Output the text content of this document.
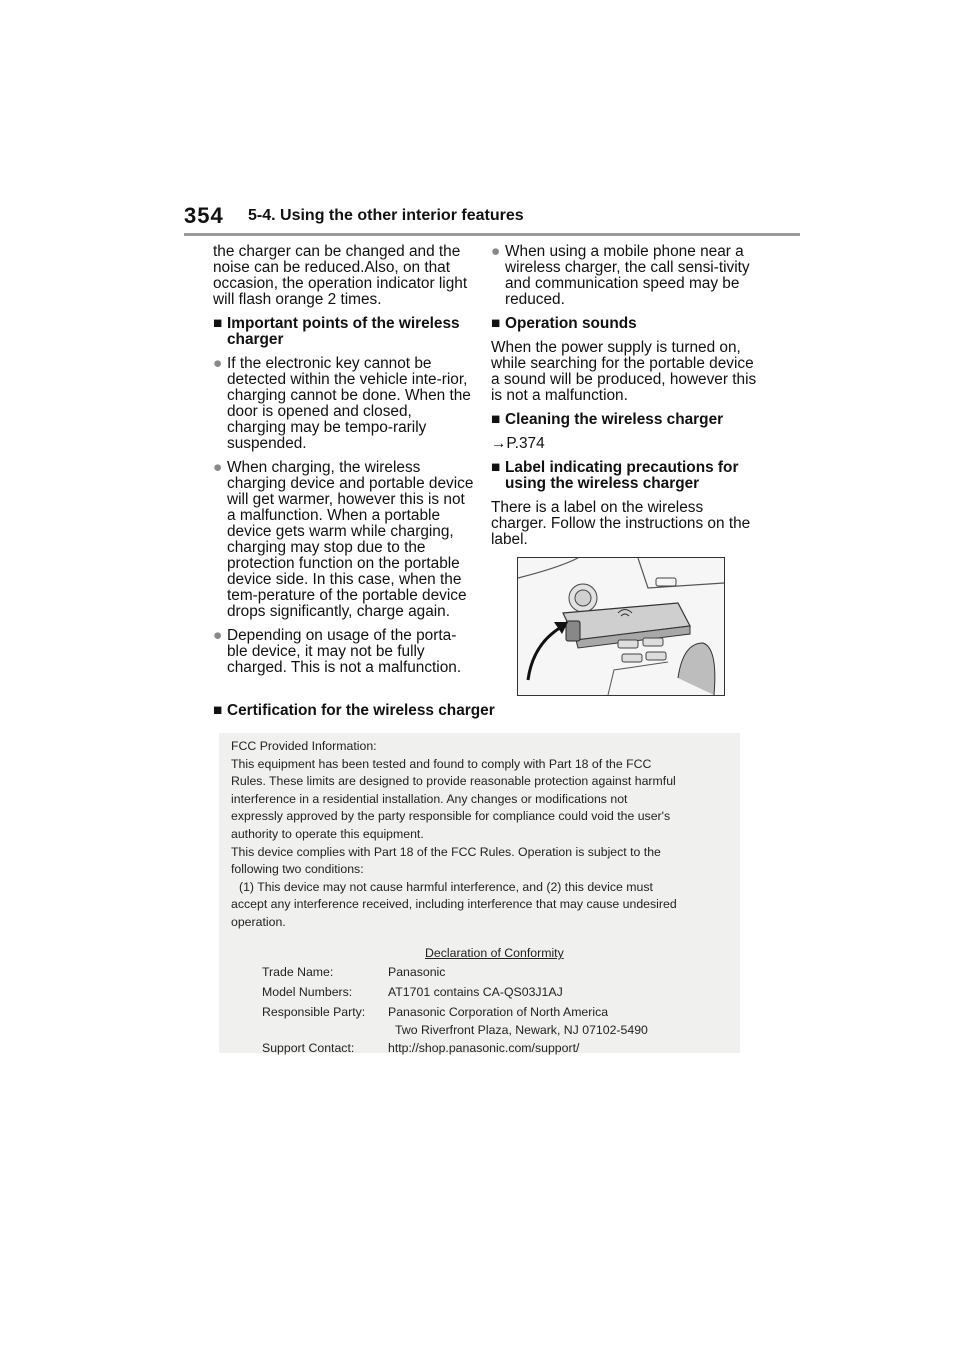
354 5-4. Using the other interior features

the charger can be changed and the noise can be reduced.Also, on that occasion, the operation indicator light will flash orange 2 times.

■ Important points of the wireless charger

● If the electronic key cannot be detected within the vehicle inte-rior, charging cannot be done. When the door is opened and closed, charging may be tempo-rarily suspended.

● When charging, the wireless charging device and portable device will get warmer, however this is not a malfunction. When a portable device gets warm while charging, charging may stop due to the protection function on the portable device side. In this case, when the tem-perature of the portable device drops significantly, charge again.

● Depending on usage of the porta-ble device, it may not be fully charged. This is not a malfunction.

● When using a mobile phone near a wireless charger, the call sensi-tivity and communication speed may be reduced.

■ Operation sounds

When the power supply is turned on, while searching for the portable device a sound will be produced, however this is not a malfunction.

■ Cleaning the wireless charger

→P.374

■ Label indicating precautions for using the wireless charger

There is a label on the wireless charger. Follow the instructions on the label.

■ Certification for the wireless charger
FCC Provided Information:
This equipment has been tested and found to comply with Part 18 of the FCC
Rules. These limits are designed to provide reasonable protection against harmful
interference in a residential installation. Any changes or modifications not
expressly approved by the party responsible for compliance could void the user's
authority to operate this equipment.
This device complies with Part 18 of the FCC Rules. Operation is subject to the
following two conditions:
(1) This device may not cause harmful interference, and (2) this device must
accept any interference received, including interference that may cause undesired
operation.
Declaration of Conformity
Trade Name:	Panasonic
Model Numbers:	AT1701 contains CA-QS03J1AJ
Responsible Party: Panasonic Corporation of North America
Two Riverfront Plaza, Newark, NJ 07102-5490
Support Contact:	http://shop.panasonic.com/support/
